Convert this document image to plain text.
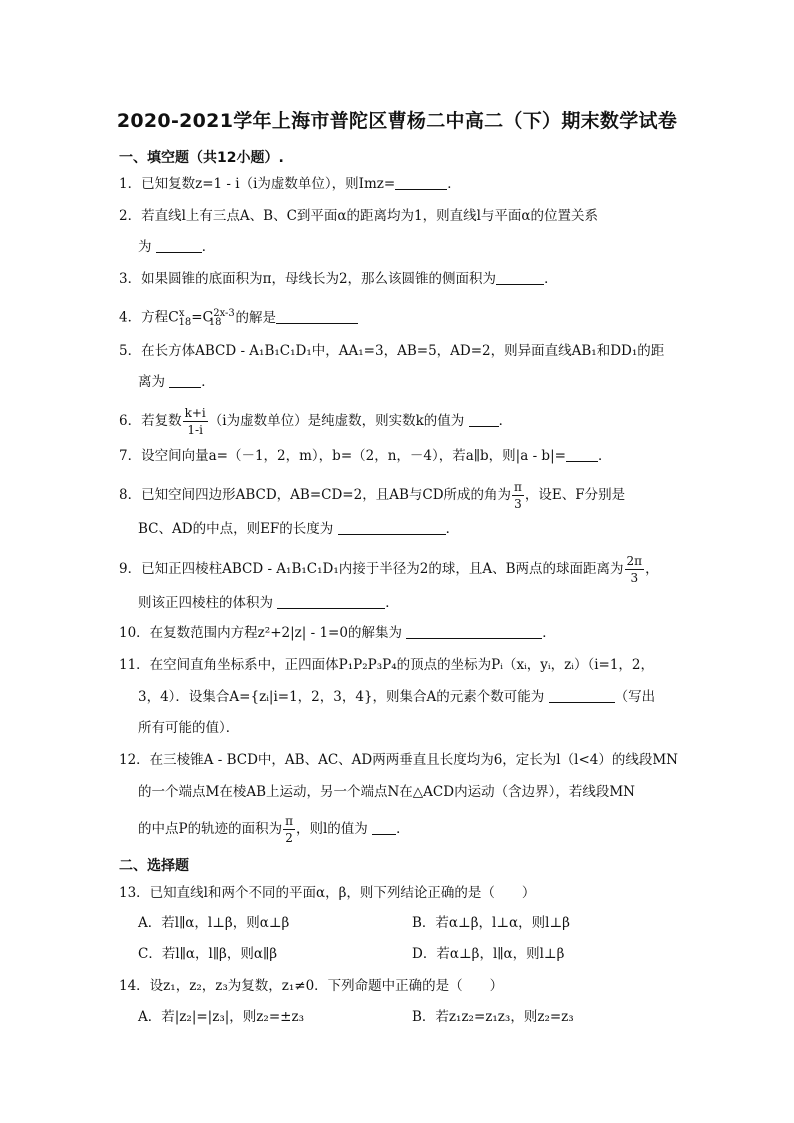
2020-2021学年上海市普陀区曹杨二中高二（下）期末数学试卷
一、填空题（共12小题）.
1．已知复数z=1 - i（i为虚数单位），则Imz=	．
2．若直线l上有三点A、B、C到平面α的距离均为1，则直线l与平面α的位置关系
为	．
3．如果圆锥的底面积为π，母线长为2，那么该圆锥的侧面积为	．
4．方程$C^x_{18}=C^{2x-3}_{18}$ 的解是
5．在长方体ABCD - A₁B₁C₁D₁中，AA₁=3，AB=5，AD=2，则异面直线AB₁和DD₁的距
离为	．
6．若复数 $\frac{k+i}{1-i} (i$为虚数单位）是纯虚数，则实数k的值为	．
7．设空间向量a=（－1，2，m），b=（2，n，－4），若a∥b，则|a - b|= ．
8．已知空间四边形ABCD，AB=CD=2，且AB与CD所成的角为 $\frac{\pi}{3}$ ，设E、F分别是
BC、AD的中点，则EF的长度为	．
9．已知正四棱柱ABCD - A₁B₁C₁D₁内接于半径为2的球，且A、B两点的球面距离为 $\frac{2\pi}{3}$ ，
则该正四棱柱的体积为	．
10．在复数范围内方程z²+2|z| - 1=0的解集为	．
11．在空间直角坐标系中，正四面体P₁P₂P₃P₄的顶点的坐标为Pᵢ（xᵢ，yᵢ，zᵢ）（i=1，2，
3，4）．设集合A={zᵢ|i=1，2，3，4}，则集合A的元素个数可能为	（写出
所有可能的值）．
12．在三棱锥A - BCD中，AB、AC、AD两两垂直且长度均为6，定长为l（l<4）的线段MN
的一个端点M在棱AB上运动，另一个端点N在△ACD内运动（含边界），若线段MN
的中点P的轨迹的面积为 $\frac{\pi}{2}$ ，则l的值为 ．
二、选择题
13．已知直线l和两个不同的平面α，β，则下列结论正确的是（　　）
A．若l∥α，l⊥β，则α⊥β	B．若α⊥β，l⊥α，则l⊥β
C．若l∥α，l∥β，则α∥β	D．若α⊥β，l∥α，则l⊥β
14．设z₁，z₂，z₃为复数，z₁≠0．下列命题中正确的是（　　）
A．若|z₂|=|z₃|，则z₂=±z₃	B．若z₁z₂=z₁z₃，则z₂=z₃
